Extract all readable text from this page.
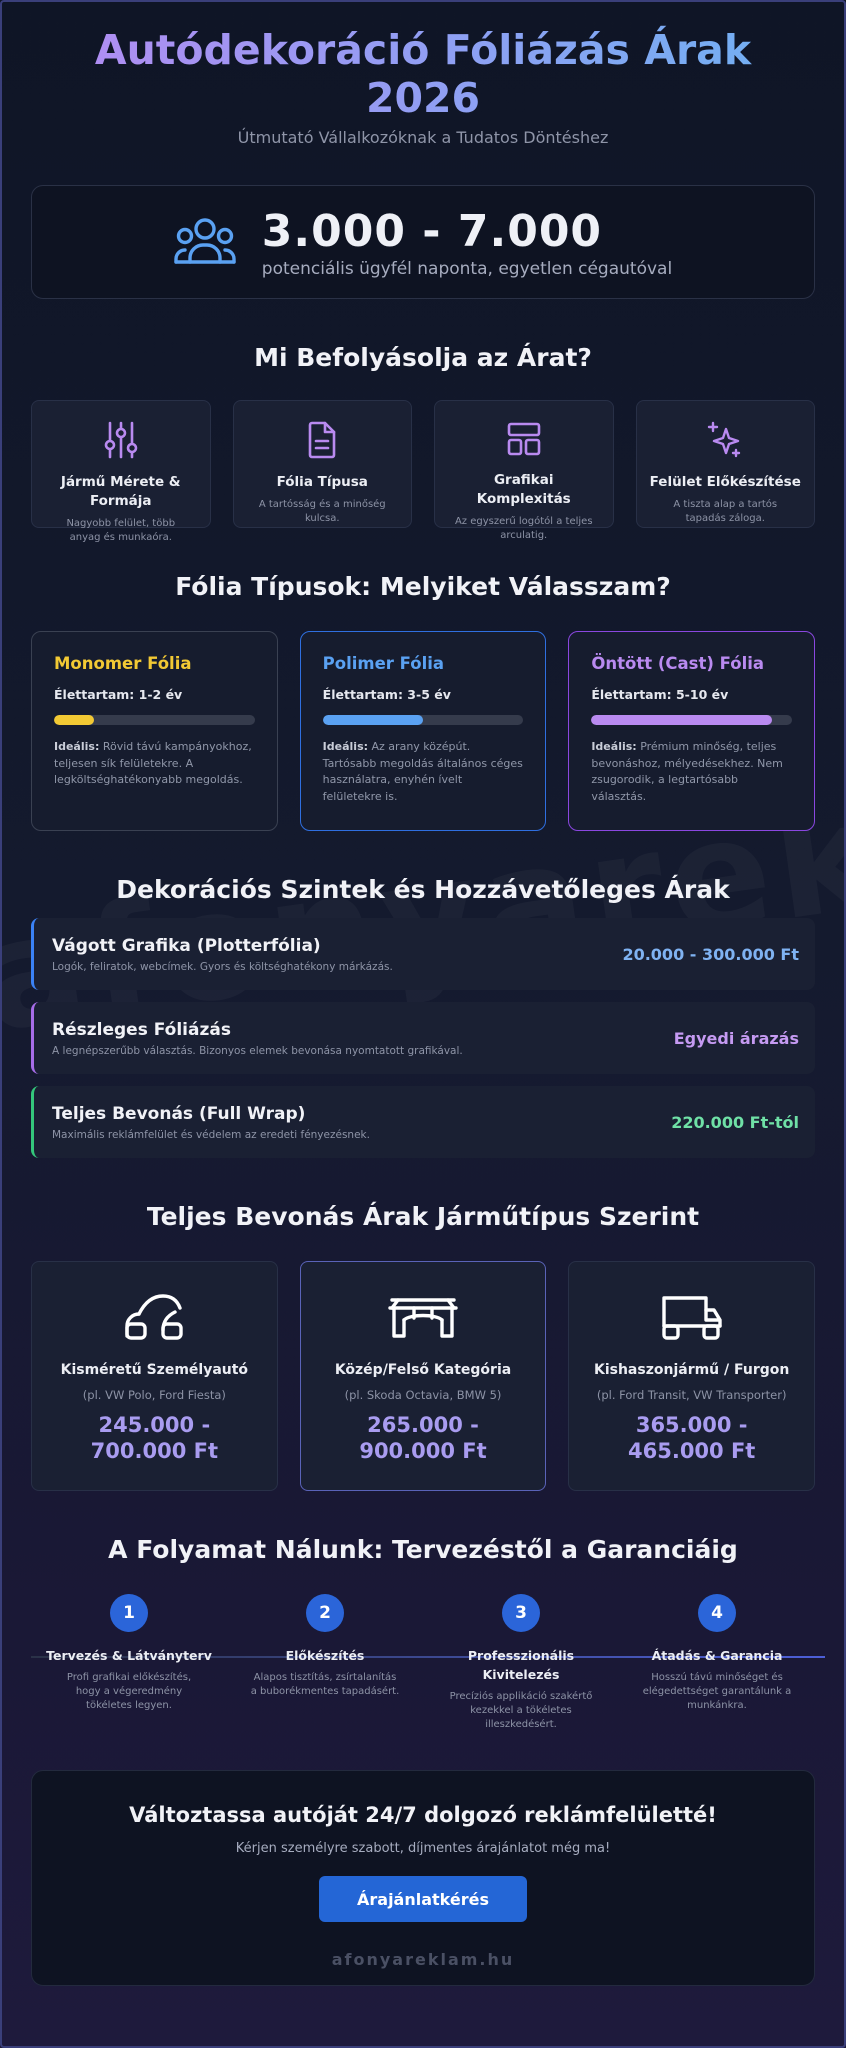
Autódekoráció Fóliázás Árak 2026
Útmutató Vállalkozóknak a Tudatos Döntéshez
3.000 - 7.000
potenciális ügyfél naponta, egyetlen cégautóval
Mi Befolyásolja az Árat?
Jármű Mérete & Formája
Nagyobb felület, több anyag és munkaóra.
Fólia Típusa
A tartósság és a minőség kulcsa.
Grafikai Komplexitás
Az egyszerű logótól a teljes arculatig.
Felület Előkészítése
A tiszta alap a tartós tapadás záloga.
Fólia Típusok: Melyiket Válasszam?
Monomer Fólia
Élettartam: 1-2 év
Ideális: Rövid távú kampányokhoz, teljesen sík felületekre. A legköltséghatékonyabb megoldás.
Polimer Fólia
Élettartam: 3-5 év
Ideális: Az arany középút. Tartósabb megoldás általános céges használatra, enyhén ívelt felületekre is.
Öntött (Cast) Fólia
Élettartam: 5-10 év
Ideális: Prémium minőség, teljes bevonáshoz, mélyedésekhez. Nem zsugorodik, a legtartósabb választás.
Dekorációs Szintek és Hozzávetőleges Árak
Vágott Grafika (Plotterfólia)
Logók, feliratok, webcímek. Gyors és költséghatékony márkázás.
20.000 - 300.000 Ft
Részleges Fóliázás
A legnépszerűbb választás. Bizonyos elemek bevonása nyomtatott grafikával.
Egyedi árazás
Teljes Bevonás (Full Wrap)
Maximális reklámfelület és védelem az eredeti fényezésnek.
220.000 Ft-tól
Teljes Bevonás Árak Járműtípus Szerint
Kisméretű Személyautó
(pl. VW Polo, Ford Fiesta)
245.000 -
700.000 Ft
Közép/Felső Kategória
(pl. Skoda Octavia, BMW 5)
265.000 -
900.000 Ft
Kishaszonjármű / Furgon
(pl. Ford Transit, VW Transporter)
365.000 -
465.000 Ft
A Folyamat Nálunk: Tervezéstől a Garanciáig
1
Tervezés & Látványterv
Profi grafikai előkészítés, hogy a végeredmény tökéletes legyen.
2
Előkészítés
Alapos tisztítás, zsírtalanítás a buborékmentes tapadásért.
3
Professzionális Kivitelezés
Precíziós applikáció szakértő kezekkel a tökéletes illeszkedésért.
4
Átadás & Garancia
Hosszú távú minőséget és elégedettséget garantálunk a munkánkra.
Változtassa autóját 24/7 dolgozó reklámfelületté!
Kérjen személyre szabott, díjmentes árajánlatot még ma!
Árajánlatkérés
afonyareklam.hu
